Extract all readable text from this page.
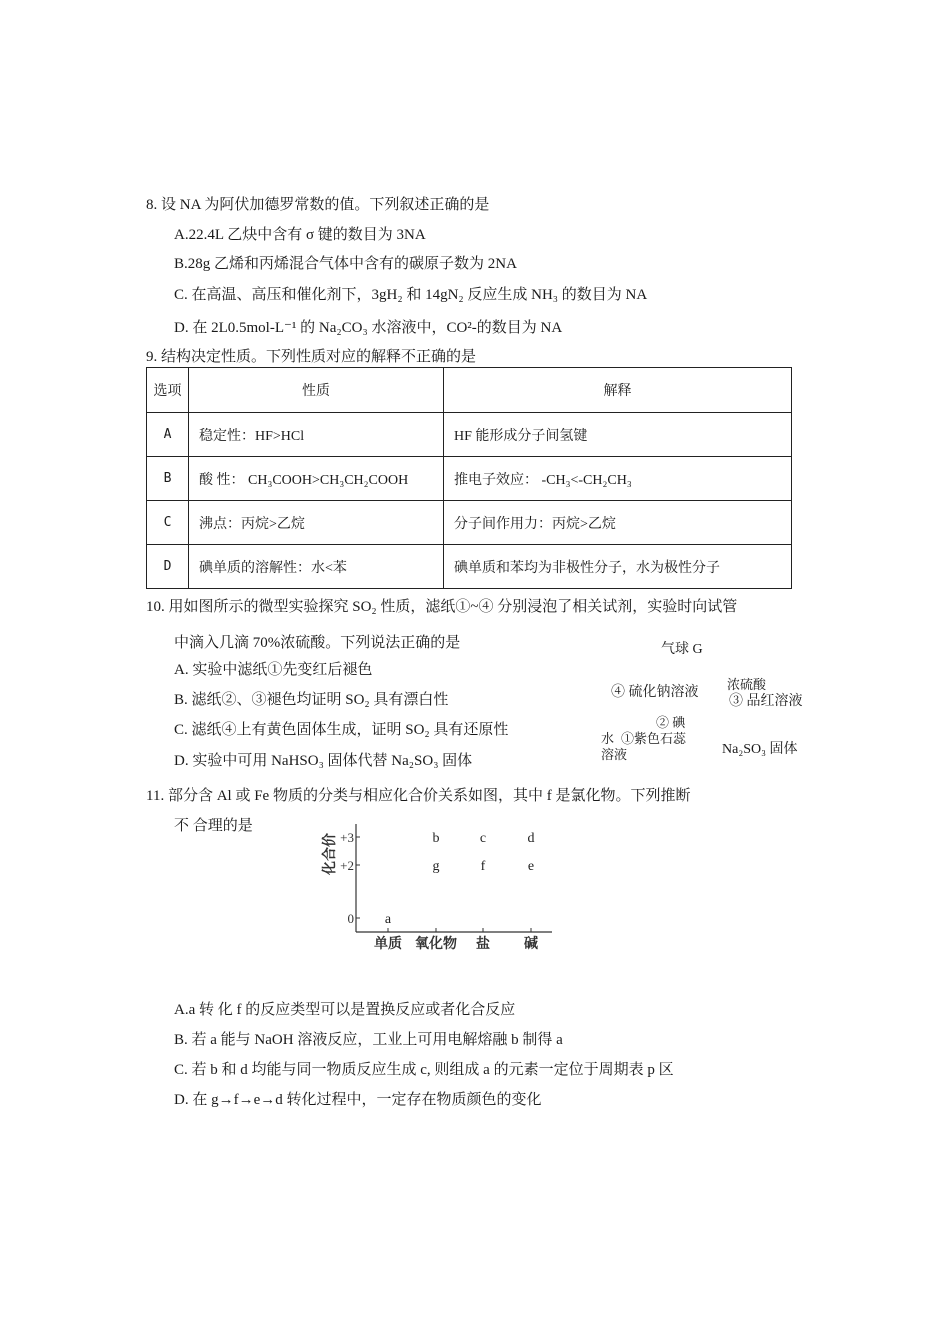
8. 设 NA 为阿伏加德罗常数的值。下列叙述正确的是
A.22.4L 乙炔中含有 σ 键的数目为 3NA
B.28g 乙烯和丙烯混合气体中含有的碳原子数为 2NA
C. 在高温、高压和催化剂下，3gH₂ 和 14gN₂ 反应生成 NH₃ 的数目为 NA
D. 在 2L0.5mol-L⁻¹ 的 Na₂CO₃ 水溶液中，CO²-的数目为 NA
9. 结构决定性质。下列性质对应的解释不正确的是
选项	性质	解释
A	稳定性：HF>HCl	HF 能形成分子间氢键
B	酸 性： CH₃COOH>CH₃CH₂COOH	推电子效应： -CH₃<-CH₂CH₃
C	沸点：丙烷>乙烷	分子间作用力：丙烷>乙烷
D	碘单质的溶解性：水<苯	碘单质和苯均为非极性分子，水为极性分子
10. 用如图所示的微型实验探究 SO₂ 性质，滤纸①~④ 分别浸泡了相关试剂，实验时向试管
中滴入几滴 70%浓硫酸。下列说法正确的是
A. 实验中滤纸①先变红后褪色
B. 滤纸②、③褪色均证明 SO₂ 具有漂白性
C. 滤纸④上有黄色固体生成，证明 SO₂ 具有还原性
D. 实验中可用 NaHSO₃ 固体代替 Na₂SO₃ 固体
气球 G
浓硫酸
④ 硫化钠溶液
③ 品红溶液
② 碘
水 ①紫色石蕊
溶液	Na₂SO₃ 固体
11. 部分含 Al 或 Fe 物质的分类与相应化合价关系如图，其中 f 是氯化物。下列推断
不 合理的是
化合价 +3
+2
0
单质 氧化物 盐 碱
a
b	c	d
g	f	e
A.a 转 化 f 的反应类型可以是置换反应或者化合反应
B. 若 a 能与 NaOH 溶液反应，工业上可用电解熔融 b 制得 a
C. 若 b 和 d 均能与同一物质反应生成 c, 则组成 a 的元素一定位于周期表 p 区
D. 在 g→f→e→d 转化过程中，一定存在物质颜色的变化
